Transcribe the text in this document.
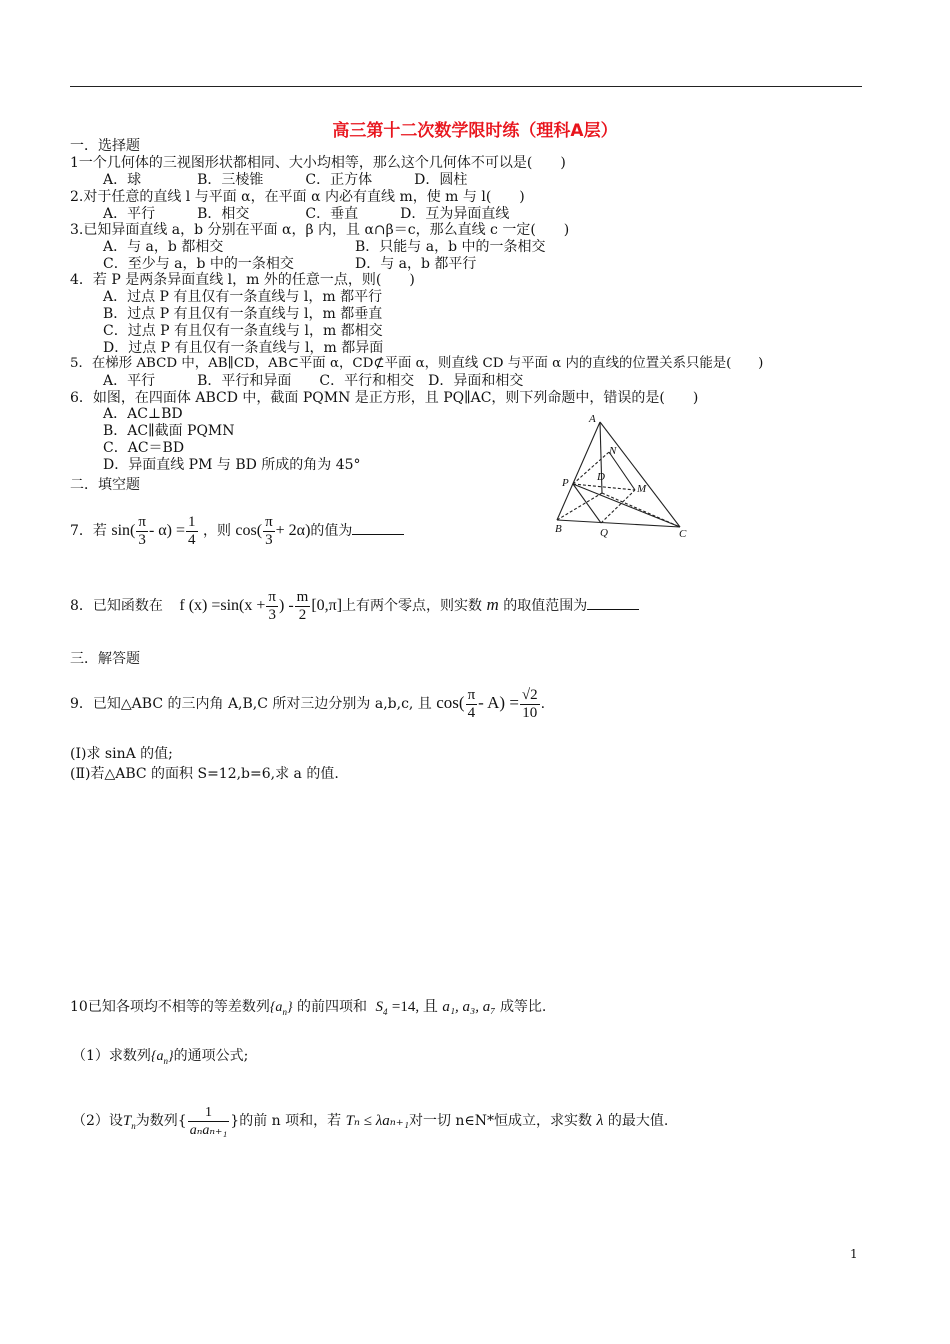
高三第十二次数学限时练（理科A层）
一．选择题
1一个几何体的三视图形状都相同、大小均相等，那么这个几何体不可以是(　　)
A．球　　　　B．三棱锥　　　C．正方体　　　D．圆柱
2.对于任意的直线 l 与平面 α，在平面 α 内必有直线 m，使 m 与 l(　　)
A．平行　　　B．相交　　　　C．垂直　　　D．互为异面直线
3.已知异面直线 a，b 分别在平面 α，β 内，且 α∩β＝c，那么直线 c 一定(　　)
A．与 a，b 都相交	B．只能与 a，b 中的一条相交
C．至少与 a，b 中的一条相交	D．与 a，b 都平行
4．若 P 是两条异面直线 l，m 外的任意一点，则(　　)
A．过点 P 有且仅有一条直线与 l，m 都平行
B．过点 P 有且仅有一条直线与 l，m 都垂直
C．过点 P 有且仅有一条直线与 l，m 都相交
D．过点 P 有且仅有一条直线与 l，m 都异面
5．在梯形 ABCD 中，AB∥CD，AB⊂平面 α，CD⊄平面 α，则直线 CD 与平面 α 内的直线的位置关系只能是(　　)
A．平行　　　B．平行和异面　　C．平行和相交　D．异面和相交
6．如图，在四面体 ABCD 中，截面 PQMN 是正方形，且 PQ∥AC，则下列命题中，错误的是(　　)
A．AC⊥BD
B．AC∥截面 PQMN
C．AC＝BD
D．异面直线 PM 与 BD 所成的角为 45°
A
N
D
P	M
B	Q	C
二．填空题
7．若 $\sin( \frac{\pi}{3} - \alpha) = \frac{1}{4}$ ，则 $\cos( \frac{\pi}{3} + 2\alpha)$的值为
8．已知函数在 f $(x) =\sin(x + \frac{\pi}{3}$ ) - $\frac{m}{2} [0,\pi]$上有两个零点，则实数 m 的取值范围为
三．解答题
9．已知△ABC 的三内角 A,B,C 所对三边分别为 a,b,c, 且 $\cos( \frac{\pi}{4} - A) = \frac{√2}{10}$ .
(Ⅰ)求 sinA 的值;
(Ⅱ)若△ABC 的面积 S=12,b=6,求 a 的值.
10已知各项均不相等的等差数列$\{a_n\}$ 的前四项和 $S_4 =14$, 且 a₁, a₃, a₇ 成等比.
（1）求数列$\{a_n\}$的通项公式;
（2）设$T_n$为数列{ $\frac{1}{\text{aₙaₙ₊₁}}$ }的前 n 项和，若 Tₙ ≤ λaₙ₊₁对一切 n∈N*恒成立，求实数 λ 的最大值.
1
